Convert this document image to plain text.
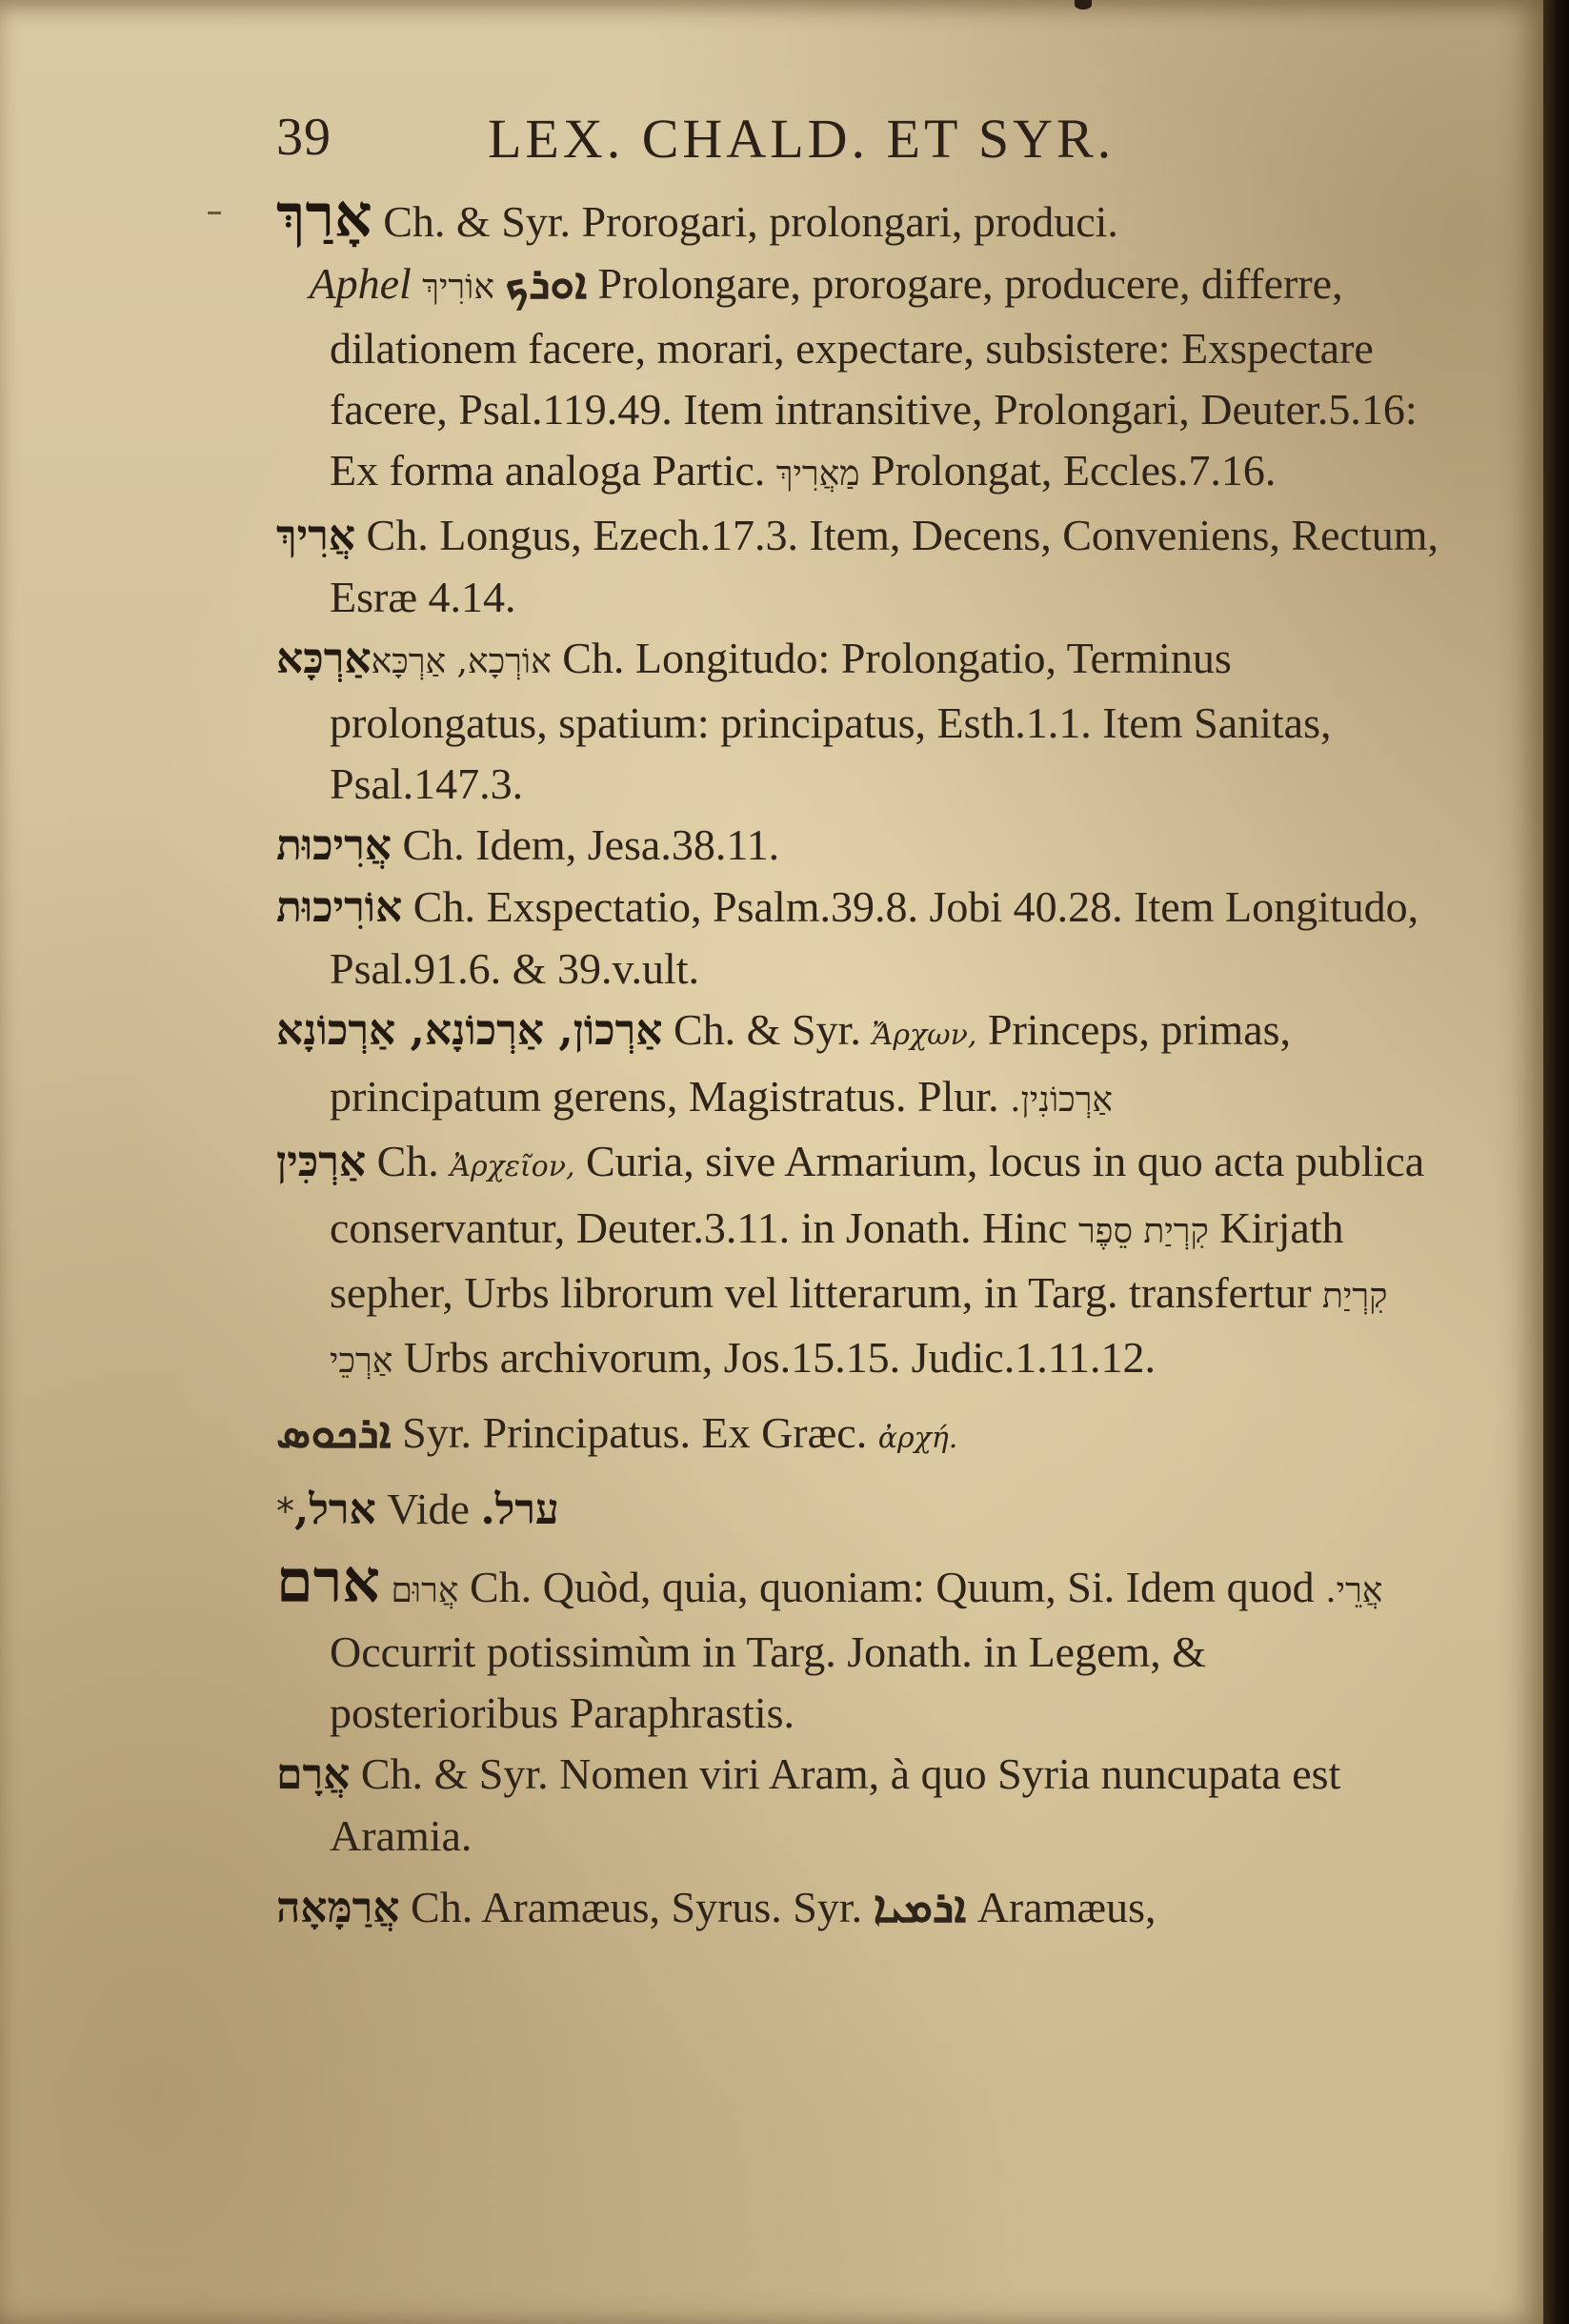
39	LEX. CHALD. ET SYR.

אָרַךְ Ch. & Syr. Prorogari, prolongari, produci.

Aphel אוֹרִיךְ ܐܘܪܟ Prolongare, prorogare, producere, differre, dilationem facere, morari, expectare, subsistere: Exspectare facere, Psal.119.49. Item intransitive, Prolongari, Deuter.5.16: Ex forma analoga Partic. מַאֲרִיךְ Prolongat, Eccles.7.16.

אֲרִיךְ Ch. Longus, Ezech.17.3. Item, Decens, Conveniens, Rectum, Esræ 4.14.

אַרְכָּאאוֹרְכָא, אַרְכָּא Ch. Longitudo: Prolongatio, Terminus prolongatus, spatium: principatus, Esth.1.1. Item Sanitas, Psal.147.3.

אֲרִיכוּת Ch. Idem, Jesa.38.11.

אוֹרִיכוּת Ch. Exspectatio, Psalm.39.8. Jobi 40.28. Item Longitudo, Psal.91.6. & 39.v.ult.

אַרְכוֹן, אַרְכוֹנָא, אַרְכוֹנָא Ch. & Syr. Ἄρχων, Princeps, primas, principatum gerens, Magistratus. Plur. אַרְכוֹנִין.

אַרְכִּין Ch. Ἀρχεῖον, Curia, sive Armarium, locus in quo acta publica conservantur, Deuter.3.11. in Jonath. Hinc קִרְיַת סֵפֶר Kirjath sepher, Urbs librorum vel litterarum, in Targ. transfertur קִרְיַת אַרְכֵי Urbs archivorum, Jos.15.15. Judic.1.11.12.

ܐܪܟܘܣ Syr. Principatus. Ex Græc. ἀρχή.

*ארל, Vide ערל.

ארם אֲרוּם Ch. Quòd, quia, quoniam: Quum, Si. Idem quod אֲרֵי. Occurrit potissimùm in Targ. Jonath. in Legem, & posterioribus Paraphrastis.

אֲרָם Ch. & Syr. Nomen viri Aram, à quo Syria nuncupata est Aramia.

אֲרַמָּאָה Ch. Aramæus, Syrus. Syr. ܐܪܡܝܐ Aramæus,
